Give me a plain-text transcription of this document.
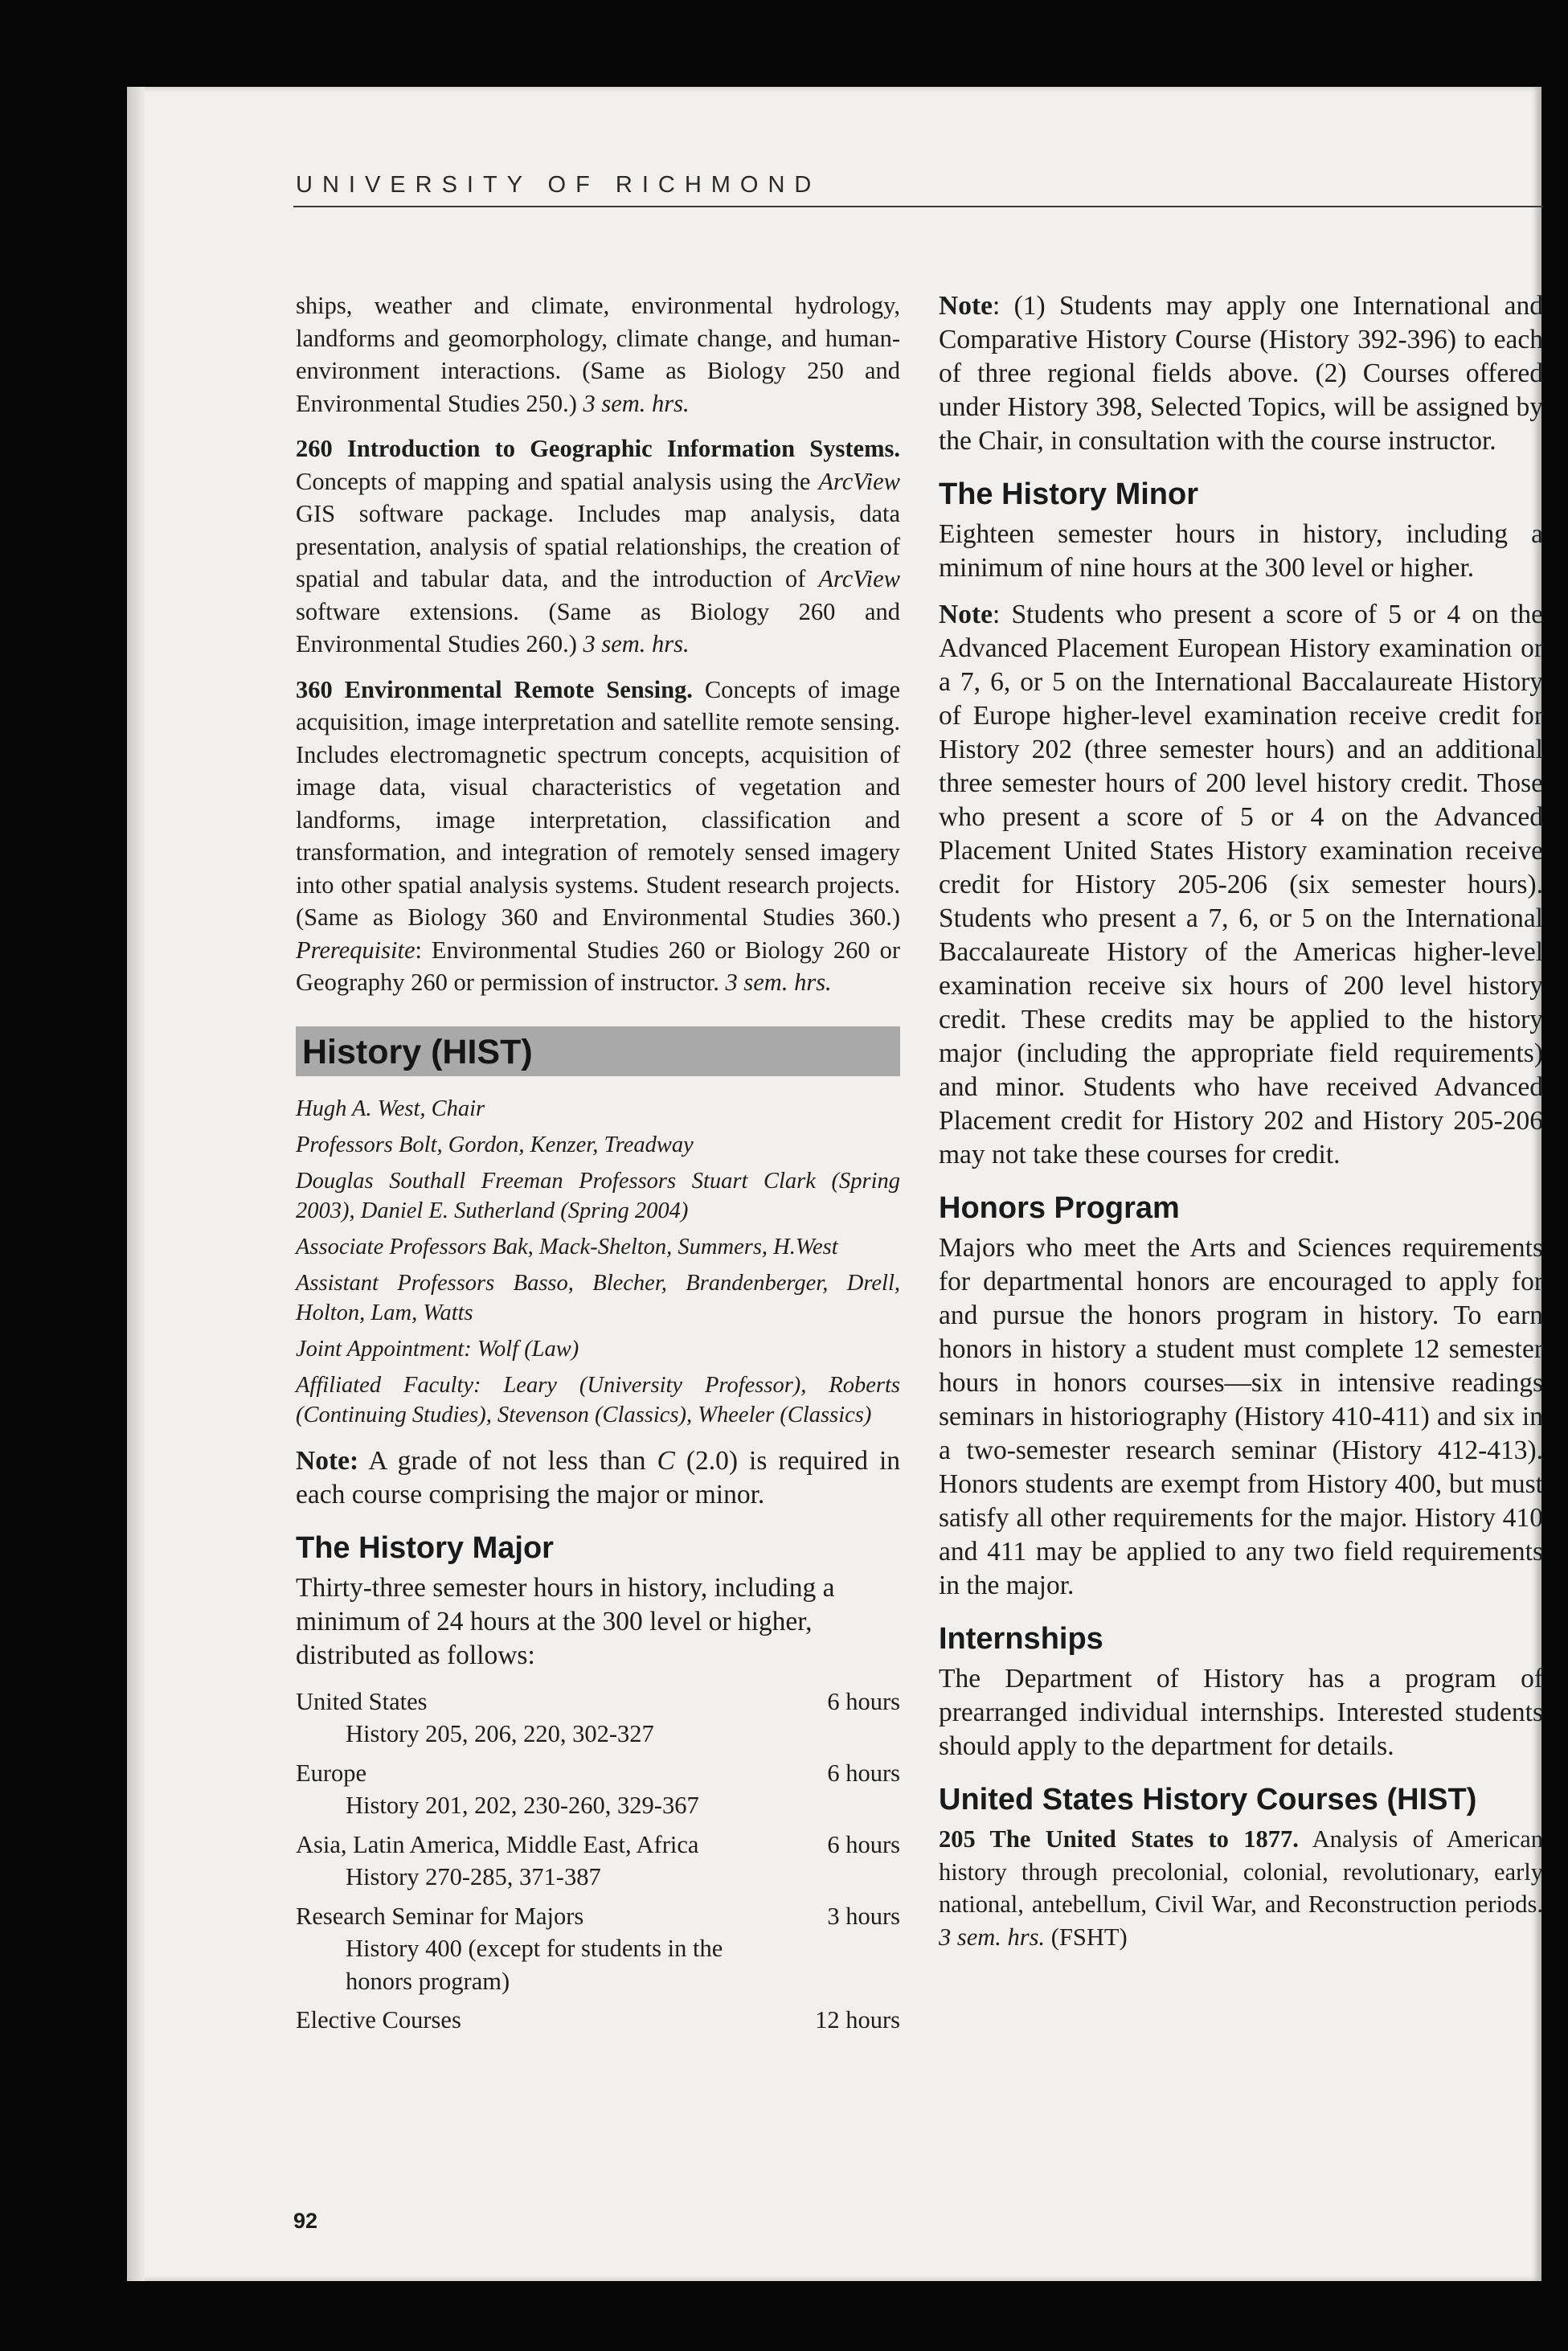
UNIVERSITY OF RICHMOND

ships, weather and climate, environmental hydrology, landforms and geomorphology, climate change, and human-environment interactions. (Same as Biology 250 and Environmental Studies 250.) 3 sem. hrs.

260 Introduction to Geographic Information Systems. Concepts of mapping and spatial analysis using the ArcView GIS software package. Includes map analysis, data presentation, analysis of spatial relationships, the creation of spatial and tabular data, and the introduction of ArcView software extensions. (Same as Biology 260 and Environmental Studies 260.) 3 sem. hrs.

360 Environmental Remote Sensing. Concepts of image acquisition, image interpretation and satellite remote sensing. Includes electromagnetic spectrum concepts, acquisition of image data, visual characteristics of vegetation and landforms, image interpretation, classification and transformation, and integration of remotely sensed imagery into other spatial analysis systems. Student research projects. (Same as Biology 360 and Environmental Studies 360.) Prerequisite: Environmental Studies 260 or Biology 260 or Geography 260 or permission of instructor. 3 sem. hrs.

History (HIST)

Hugh A. West, Chair

Professors Bolt, Gordon, Kenzer, Treadway

Douglas Southall Freeman Professors Stuart Clark (Spring 2003), Daniel E. Sutherland (Spring 2004)

Associate Professors Bak, Mack-Shelton, Summers, H.West

Assistant Professors Basso, Blecher, Brandenberger, Drell, Holton, Lam, Watts

Joint Appointment: Wolf (Law)

Affiliated Faculty: Leary (University Professor), Roberts (Continuing Studies), Stevenson (Classics), Wheeler (Classics)

Note: A grade of not less than C (2.0) is required in each course comprising the major or minor.

The History Major

Thirty-three semester hours in history, including a minimum of 24 hours at the 300 level or higher, distributed as follows:

United States	6 hours
History 205, 206, 220, 302-327
Europe	6 hours
History 201, 202, 230-260, 329-367
Asia, Latin America, Middle East, Africa	6 hours
History 270-285, 371-387
Research Seminar for Majors	3 hours
History 400 (except for students in the honors program)
Elective Courses	12 hours

Note: (1) Students may apply one International and Comparative History Course (History 392-396) to each of three regional fields above. (2) Courses offered under History 398, Selected Topics, will be assigned by the Chair, in consultation with the course instructor.

The History Minor

Eighteen semester hours in history, including a minimum of nine hours at the 300 level or higher.

Note: Students who present a score of 5 or 4 on the Advanced Placement European History examination or a 7, 6, or 5 on the International Baccalaureate History of Europe higher-level examination receive credit for History 202 (three semester hours) and an additional three semester hours of 200 level history credit. Those who present a score of 5 or 4 on the Advanced Placement United States History examination receive credit for History 205-206 (six semester hours). Students who present a 7, 6, or 5 on the International Baccalaureate History of the Americas higher-level examination receive six hours of 200 level history credit. These credits may be applied to the history major (including the appropriate field requirements) and minor. Students who have received Advanced Placement credit for History 202 and History 205-206 may not take these courses for credit.

Honors Program

Majors who meet the Arts and Sciences requirements for departmental honors are encouraged to apply for and pursue the honors program in history. To earn honors in history a student must complete 12 semester hours in honors courses—six in intensive readings seminars in historiography (History 410-411) and six in a two-semester research seminar (History 412-413). Honors students are exempt from History 400, but must satisfy all other requirements for the major. History 410 and 411 may be applied to any two field requirements in the major.

Internships

The Department of History has a program of prearranged individual internships. Interested students should apply to the department for details.

United States History Courses (HIST)

205 The United States to 1877. Analysis of American history through precolonial, colonial, revolutionary, early national, antebellum, Civil War, and Reconstruction periods. 3 sem. hrs. (FSHT)

92
